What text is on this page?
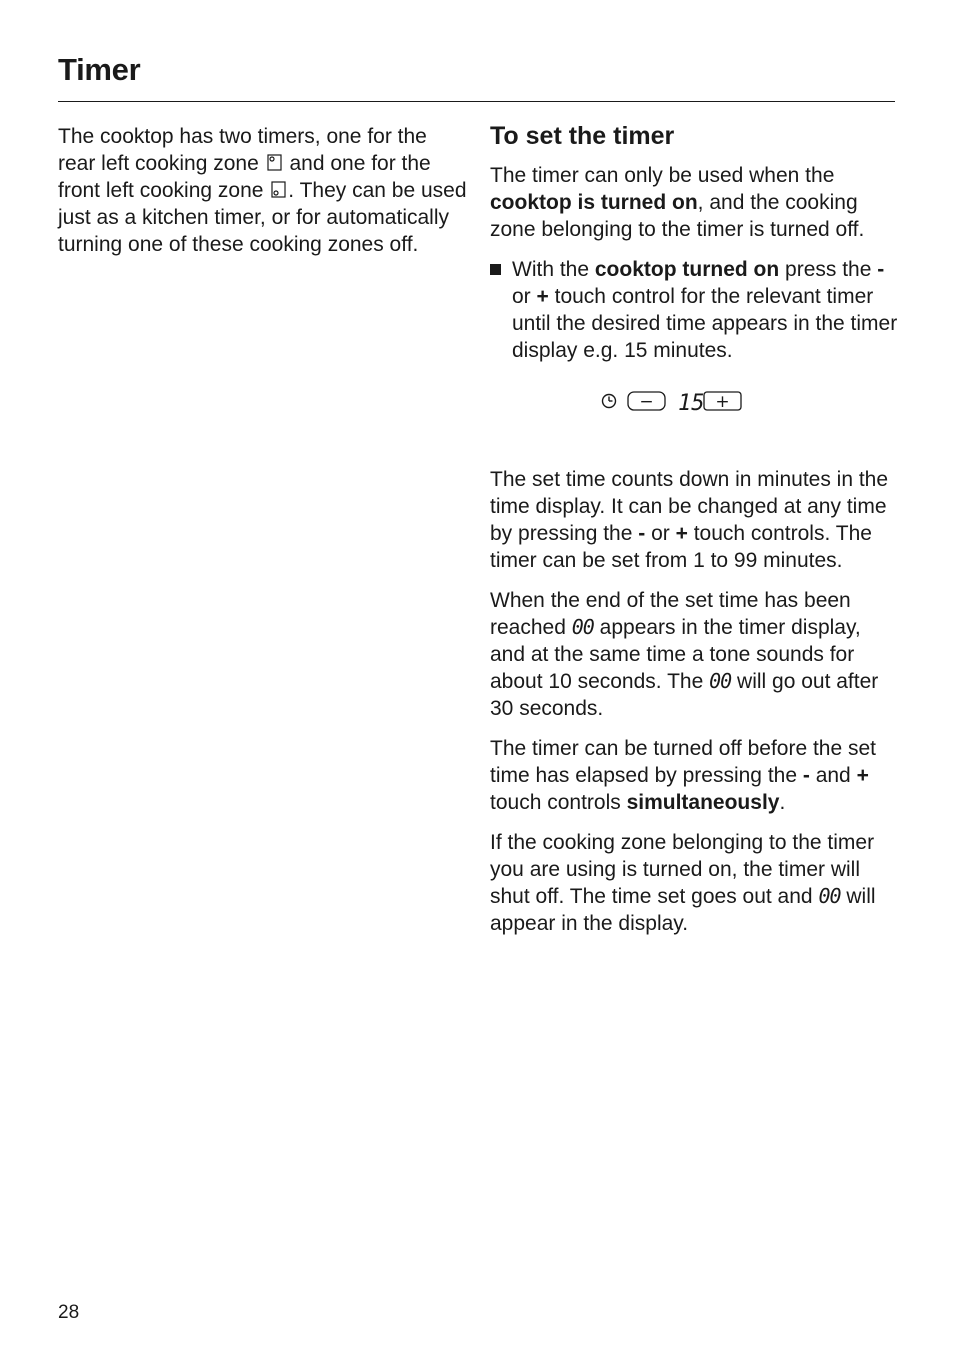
Timer

The cooktop has two timers, one for the rear left cooking zone  and one for the front left cooking zone . They can be used just as a kitchen timer, or for automatically turning one of these cooking zones off.

To set the timer

The timer can only be used when the cooktop is turned on, and the cooking zone belonging to the timer is turned off.

With the cooktop turned on press the - or + touch control for the relevant timer until the desired time appears in the timer display e.g. 15 minutes.
− 15 +

The set time counts down in minutes in the time display. It can be changed at any time by pressing the - or + touch controls. The timer can be set from 1 to 99 minutes.

When the end of the set time has been reached 00 appears in the timer display, and at the same time a tone sounds for about 10 seconds. The 00 will go out after 30 seconds.

The timer can be turned off before the set time has elapsed by pressing the - and + touch controls simultaneously.

If the cooking zone belonging to the timer you are using is turned on, the timer will shut off. The time set goes out and 00 will appear in the display.

28
